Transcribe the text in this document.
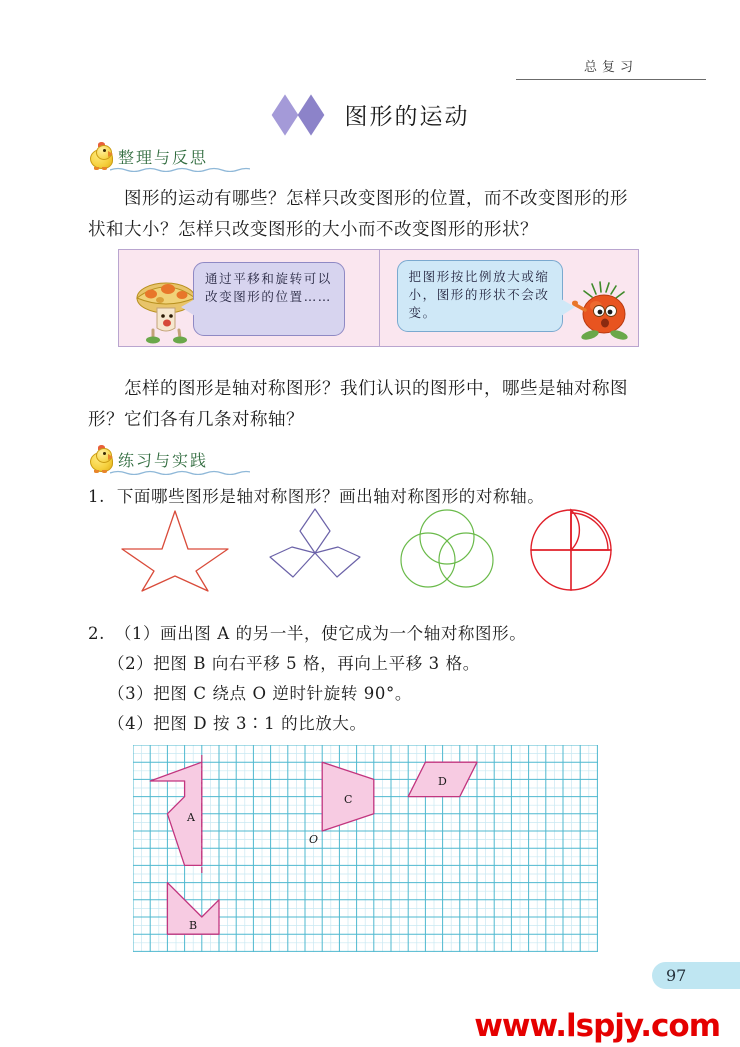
总复习
图形的运动
整理与反思
图形的运动有哪些？怎样只改变图形的位置，而不改变图形的形状和大小？怎样只改变图形的大小而不改变图形的形状？
通过平移和旋转可以改变图形的位置……
把图形按比例放大或缩小，图形的形状不会改变。
怎样的图形是轴对称图形？我们认识的图形中，哪些是轴对称图形？它们各有几条对称轴？
练习与实践
1. 下面哪些图形是轴对称图形？画出轴对称图形的对称轴。
2. （1）画出图 A 的另一半，使它成为一个轴对称图形。
（2）把图 B 向右平移 5 格，再向上平移 3 格。
（3）把图 C 绕点 O 逆时针旋转 90°。
（4）把图 D 按 3∶1 的比放大。
A
B
C
O
D
97
www.lspjy.com
